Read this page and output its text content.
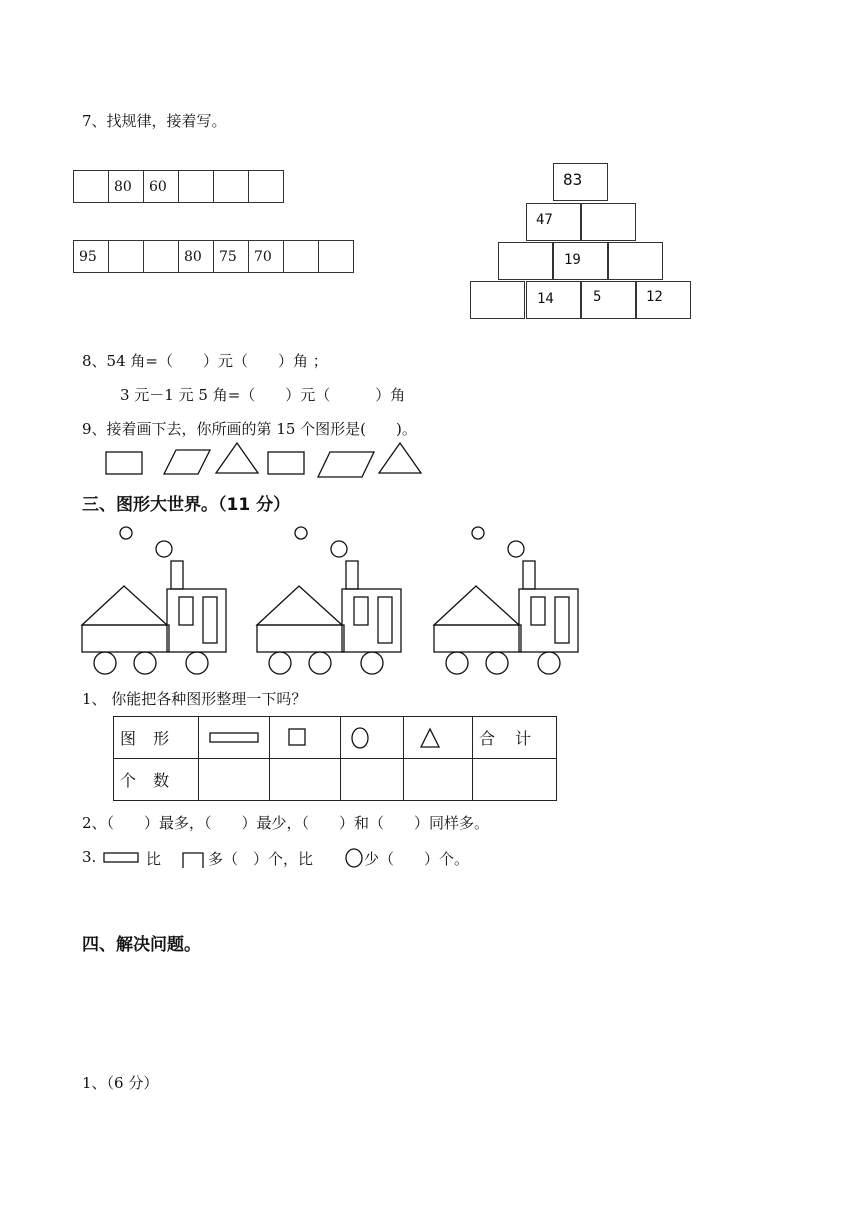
7、找规律，接着写。
80	60
95	80	75	70
83
47
19
14	5	12
8、54 角=（　　）元（　　）角 ；
3 元－1 元 5 角=（　　）元（　　　）角
9、接着画下去，你所画的第 15 个图形是(　　)。
三、图形大世界。（11 分）
1、 你能把各种图形整理一下吗？
图 形					合　计
个 数					
2、（　　）最多，（　　）最少，（　　）和（　　）同样多。
3.	比	多（　）个，比	少（　　）个。
四、解决问题。
1、（6 分）
